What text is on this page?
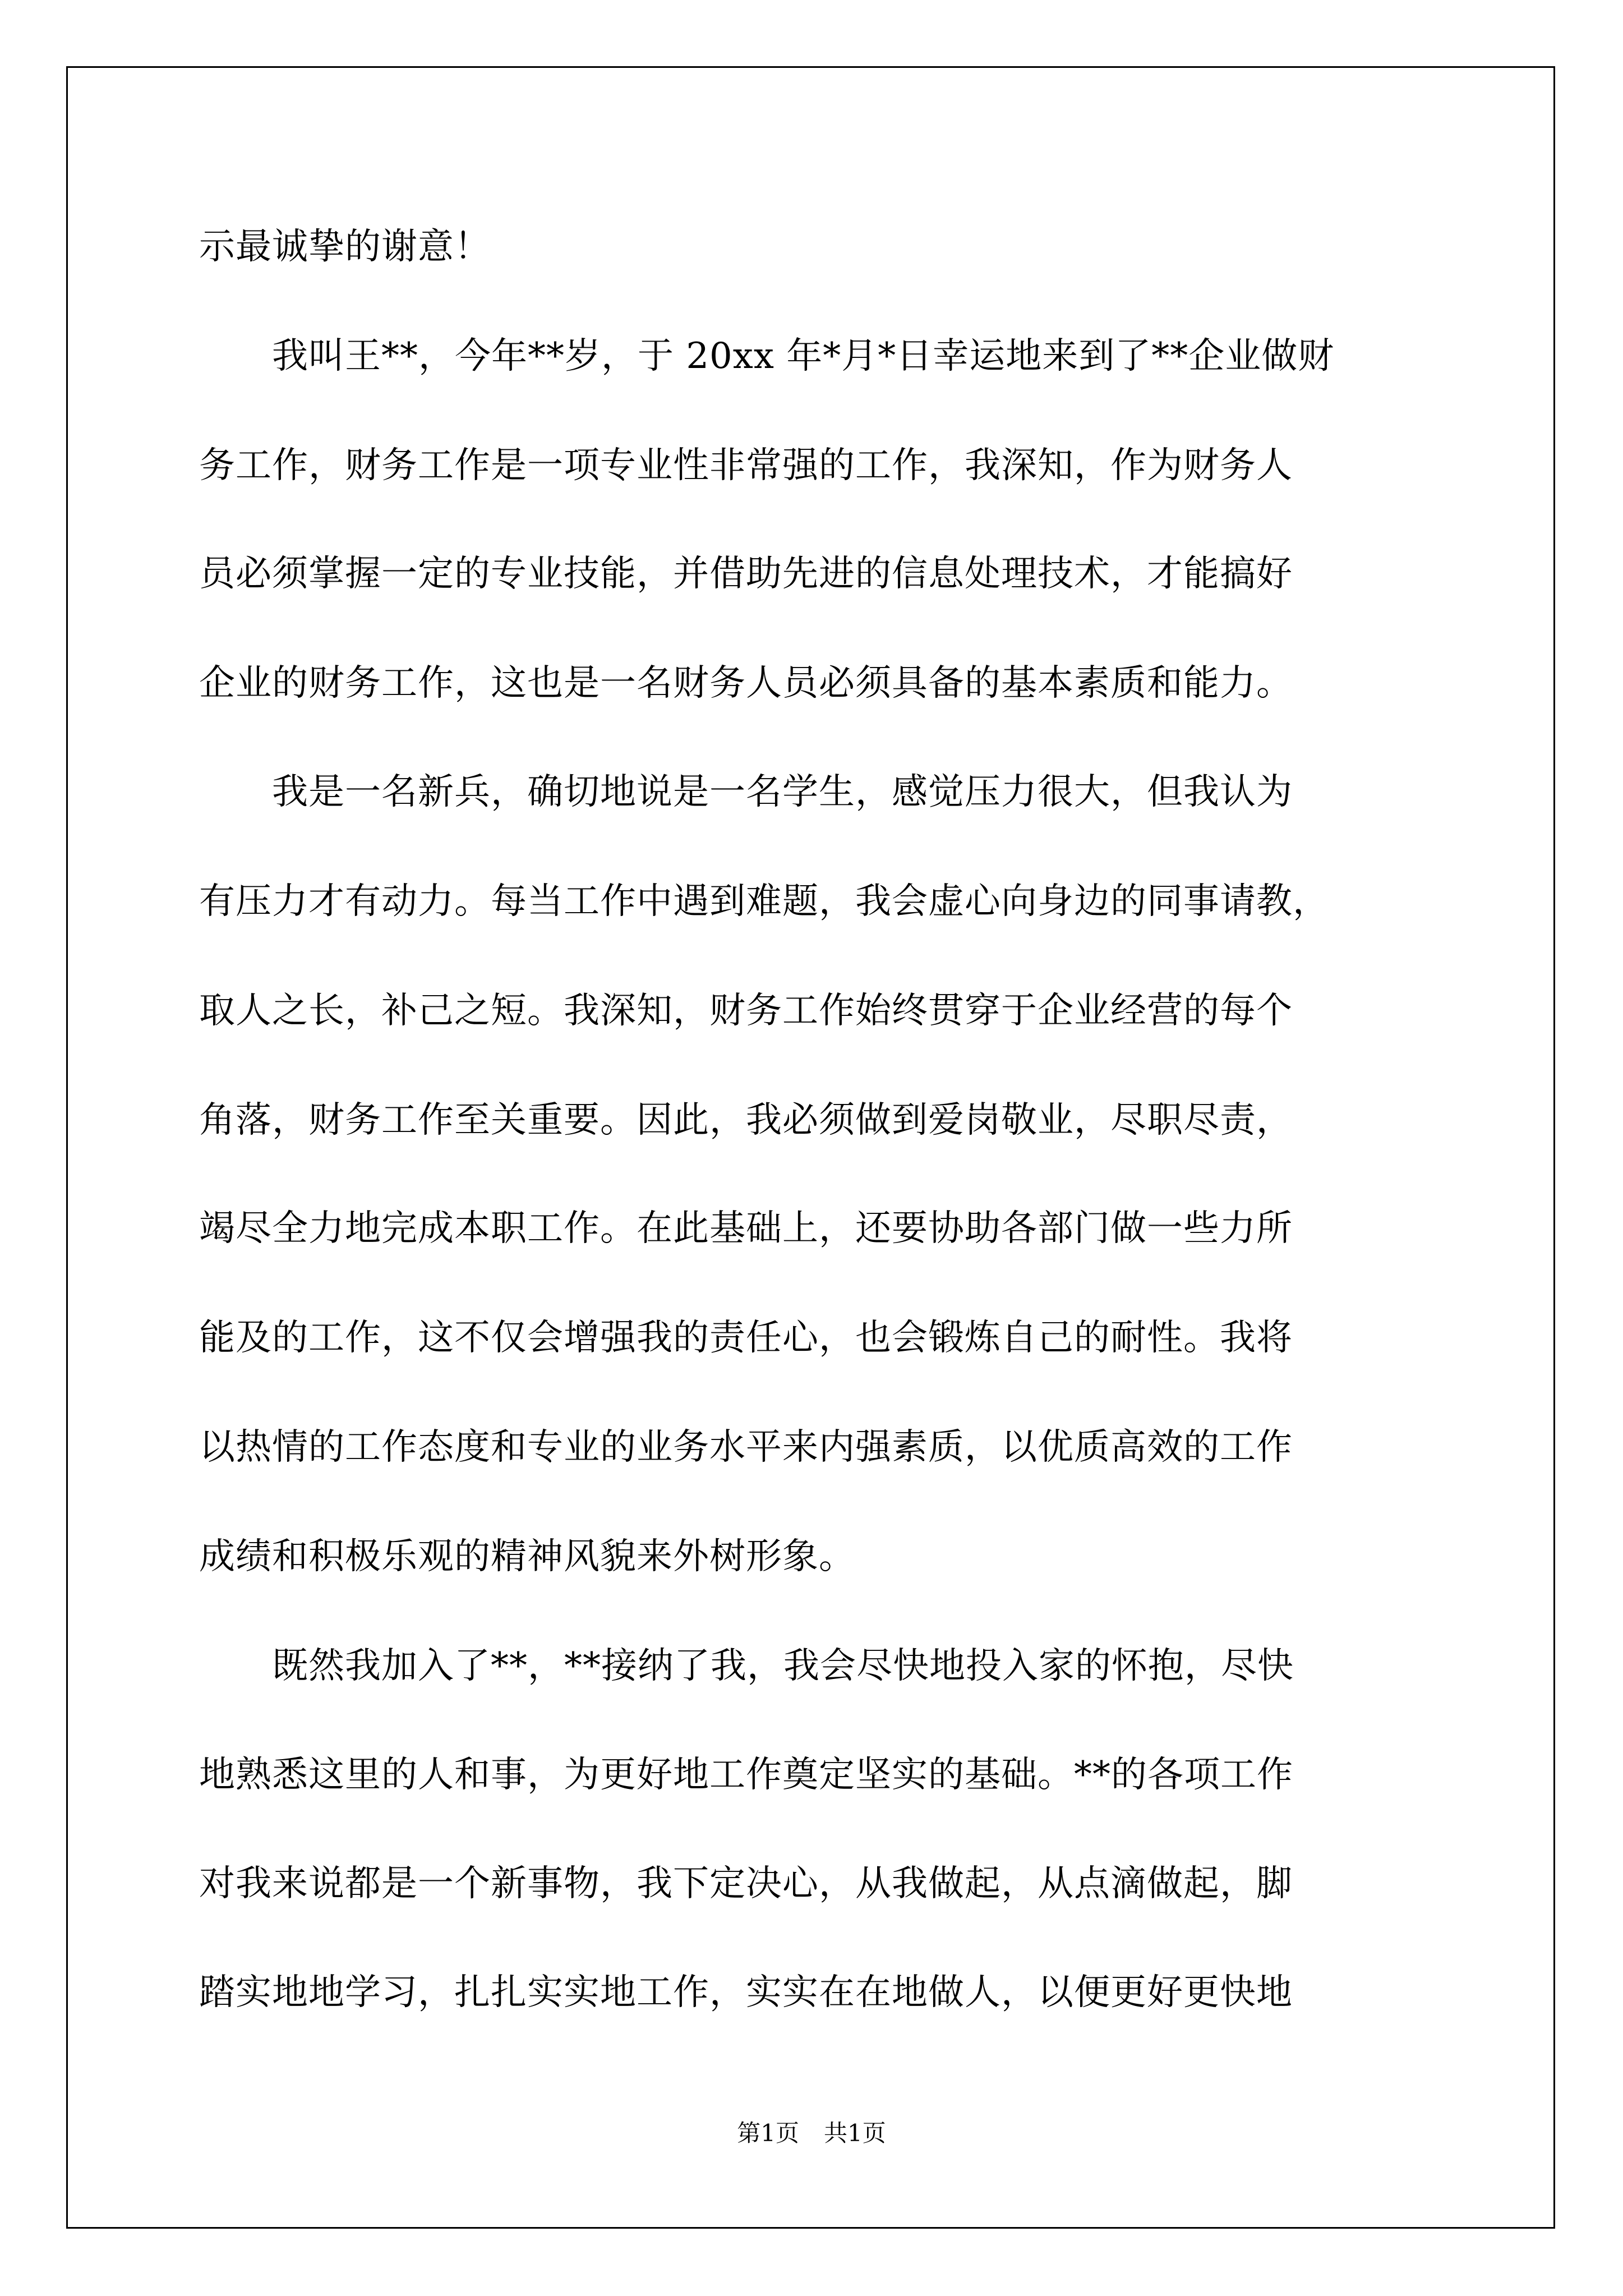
示最诚挚的谢意！
　　我叫王**，今年**岁，于 20xx 年*月*日幸运地来到了**企业做财
务工作，财务工作是一项专业性非常强的工作，我深知，作为财务人
员必须掌握一定的专业技能，并借助先进的信息处理技术，才能搞好
企业的财务工作，这也是一名财务人员必须具备的基本素质和能力。
　　我是一名新兵，确切地说是一名学生，感觉压力很大，但我认为
有压力才有动力。每当工作中遇到难题，我会虚心向身边的同事请教，
取人之长，补己之短。我深知，财务工作始终贯穿于企业经营的每个
角落，财务工作至关重要。因此，我必须做到爱岗敬业，尽职尽责，
竭尽全力地完成本职工作。在此基础上，还要协助各部门做一些力所
能及的工作，这不仅会增强我的责任心，也会锻炼自己的耐性。我将
以热情的工作态度和专业的业务水平来内强素质，以优质高效的工作
成绩和积极乐观的精神风貌来外树形象。
　　既然我加入了**，**接纳了我，我会尽快地投入家的怀抱，尽快
地熟悉这里的人和事，为更好地工作奠定坚实的基础。**的各项工作
对我来说都是一个新事物，我下定决心，从我做起，从点滴做起，脚
踏实地地学习，扎扎实实地工作，实实在在地做人，以便更好更快地
第1页 共1页
